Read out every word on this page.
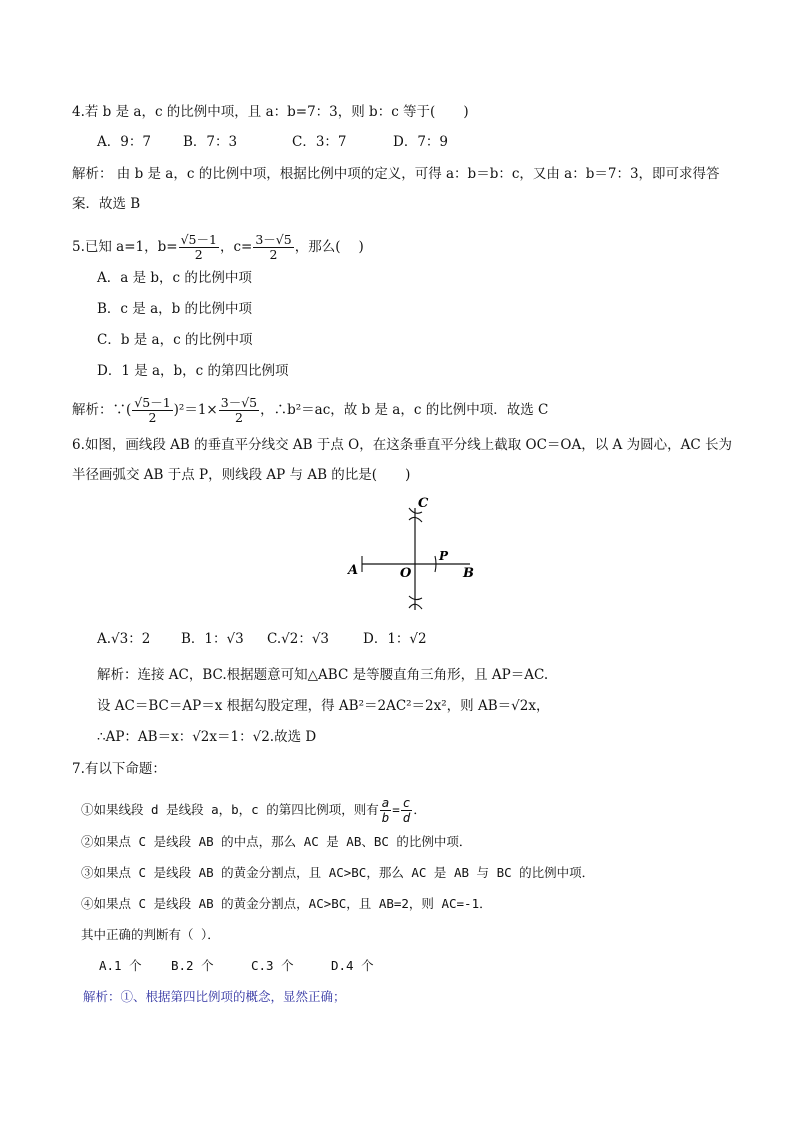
4.若 b 是 a，c 的比例中项，且 a：b=7：3，则 b：c 等于( )
A．9：7 B．7：3	C．3：7	D．7：9
解析： 由 b 是 a，c 的比例中项，根据比例中项的定义，可得 a：b＝b：c，又由 a：b＝7：3，即可求得答
案．故选 B
5.已知 a=1，$b= \frac{√5-1}{2}$ ，$c= \frac{3-√5}{2}$ ，那么( )
A．a 是 b，c 的比例中项
B．c 是 a，b 的比例中项
C．b 是 a，c 的比例中项
D．1 是 a，b，c 的第四比例项
解析：∵( $\frac{√5-1}{2} )^2=1\times \frac{3-√5}{2}$ ，∴b²＝ac，故 b 是 a，c 的比例中项．故选 C
6.如图，画线段 AB 的垂直平分线交 AB 于点 O，在这条垂直平分线上截取 OC＝OA，以 A 为圆心，AC 长为
半径画弧交 AB 于点 P，则线段 AP 与 AB 的比是( )
A	O	B
C
P
A.√3：2 B．1：√3 C.√2：√3	D．1：√2
解析：连接 AC，BC.根据题意可知△ABC 是等腰直角三角形，且 AP＝AC.
设 AC＝BC＝AP＝x 根据勾股定理，得 AB²＝2AC²＝2x²，则 AB＝√2x，
∴AP：AB＝x：√2x＝1：√2.故选 D
7.有以下命题：
①如果线段 d 是线段 a，b，c 的第四比例项，则有 $\frac{a}{b} = \frac{c}{d}$ ．
②如果点 C 是线段 AB 的中点，那么 AC 是 AB、BC 的比例中项．
③如果点 C 是线段 AB 的黄金分割点，且 AC>BC，那么 AC 是 AB 与 BC 的比例中项．
④如果点 C 是线段 AB 的黄金分割点，AC>BC，且 AB=2，则 AC=-1．
其中正确的判断有（ ）．
A.1 个 B.2 个	C.3 个	D.4 个
解析：①、根据第四比例项的概念，显然正确；
